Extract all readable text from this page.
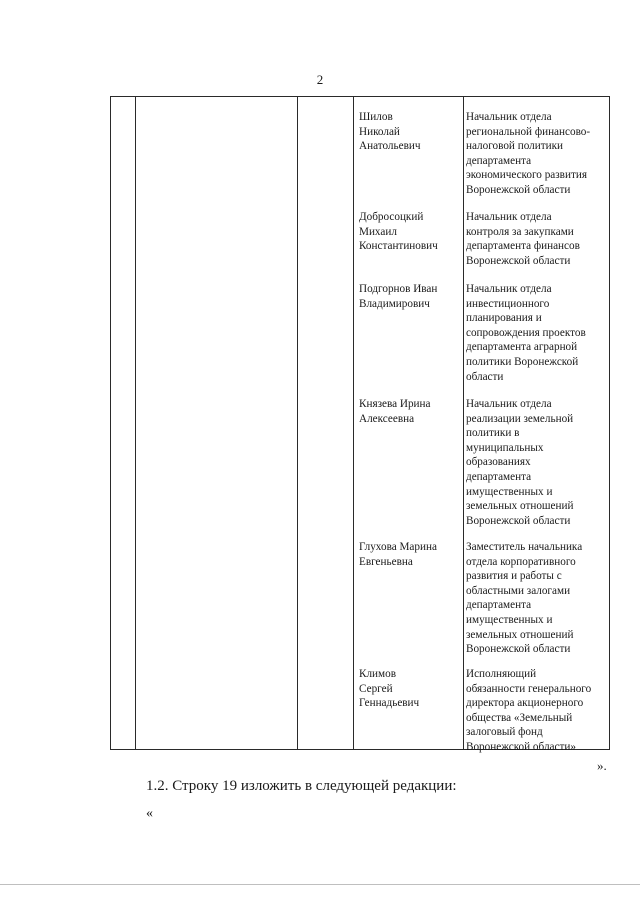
2
Шилов
Николай
Анатольевич
Начальник отдела
региональной финансово-
налоговой политики
департамента
экономического развития
Воронежской области
Добросоцкий
Михаил
Константинович
Начальник отдела
контроля за закупками
департамента финансов
Воронежской области
Подгорнов Иван
Владимирович
Начальник отдела
инвестиционного
планирования и
сопровождения проектов
департамента аграрной
политики Воронежской
области
Князева Ирина
Алексеевна
Начальник отдела
реализации земельной
политики в
муниципальных
образованиях
департамента
имущественных и
земельных отношений
Воронежской области
Глухова Марина
Евгеньевна
Заместитель начальника
отдела корпоративного
развития и работы с
областными залогами
департамента
имущественных и
земельных отношений
Воронежской области
Климов
Сергей
Геннадьевич
Исполняющий
обязанности генерального
директора акционерного
общества «Земельный
залоговый фонд
Воронежской области»
».
1.2. Строку 19 изложить в следующей редакции:
«
